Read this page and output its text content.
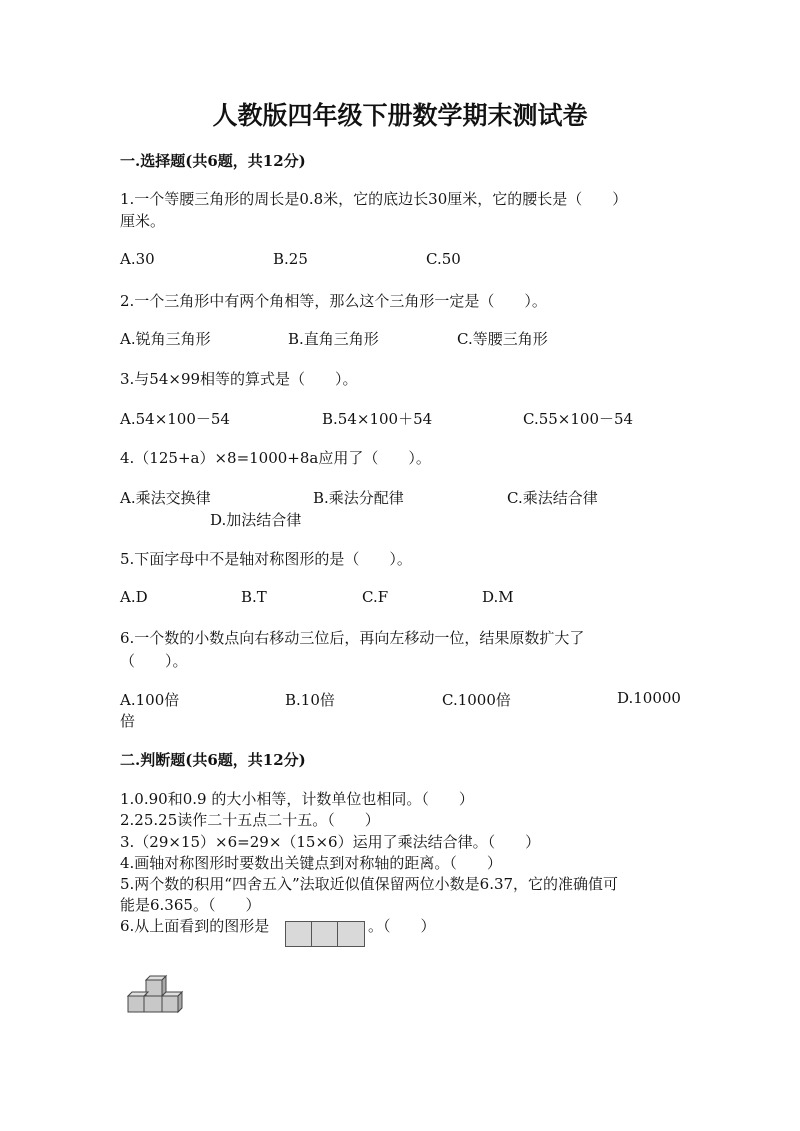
人教版四年级下册数学期末测试卷
一.选择题(共6题，共12分)
1.一个等腰三角形的周长是0.8米，它的底边长30厘米，它的腰长是（　　）
厘米。
A.30	B.25	C.50
2.一个三角形中有两个角相等，那么这个三角形一定是（　　）。
A.锐角三角形	B.直角三角形	C.等腰三角形
3.与54×99相等的算式是（　　）。
A.54×100－54	B.54×100＋54	C.55×100－54
4.（125+a）×8=1000+8a应用了（　　）。
A.乘法交换律	B.乘法分配律	C.乘法结合律
D.加法结合律
5.下面字母中不是轴对称图形的是（　　）。
A.D	B.T	C.F	D.M
6.一个数的小数点向右移动三位后，再向左移动一位，结果原数扩大了
（　　）。
A.100倍	B.10倍	C.1000倍	D.10000
倍
二.判断题(共6题，共12分)
1.0.90和0.9 的大小相等，计数单位也相同。（　　）
2.25.25读作二十五点二十五。（　　）
3.（29×15）×6=29×（15×6）运用了乘法结合律。（　　）
4.画轴对称图形时要数出关键点到对称轴的距离。（　　）
5.两个数的积用“四舍五入”法取近似值保留两位小数是6.37，它的准确值可
能是6.365。（　　）
6.从上面看到的图形是	。（　　）
